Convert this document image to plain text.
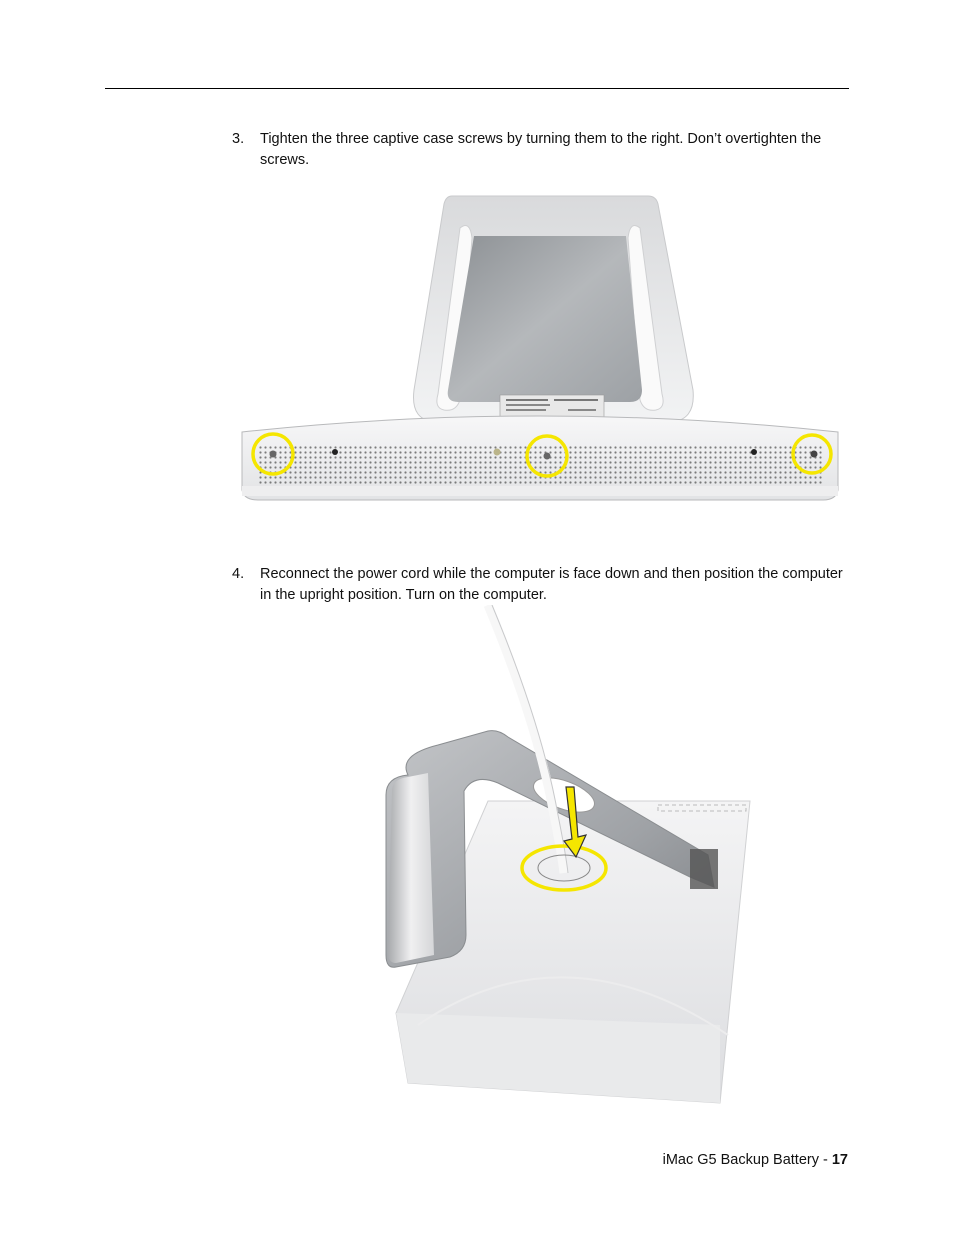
3.	Tighten the three captive case screws by turning them to the right. Don’t overtighten the screws.
4.	Reconnect the power cord while the computer is face down and then position the computer in the upright position. Turn on the computer.
iMac G5 Backup Battery - 17
